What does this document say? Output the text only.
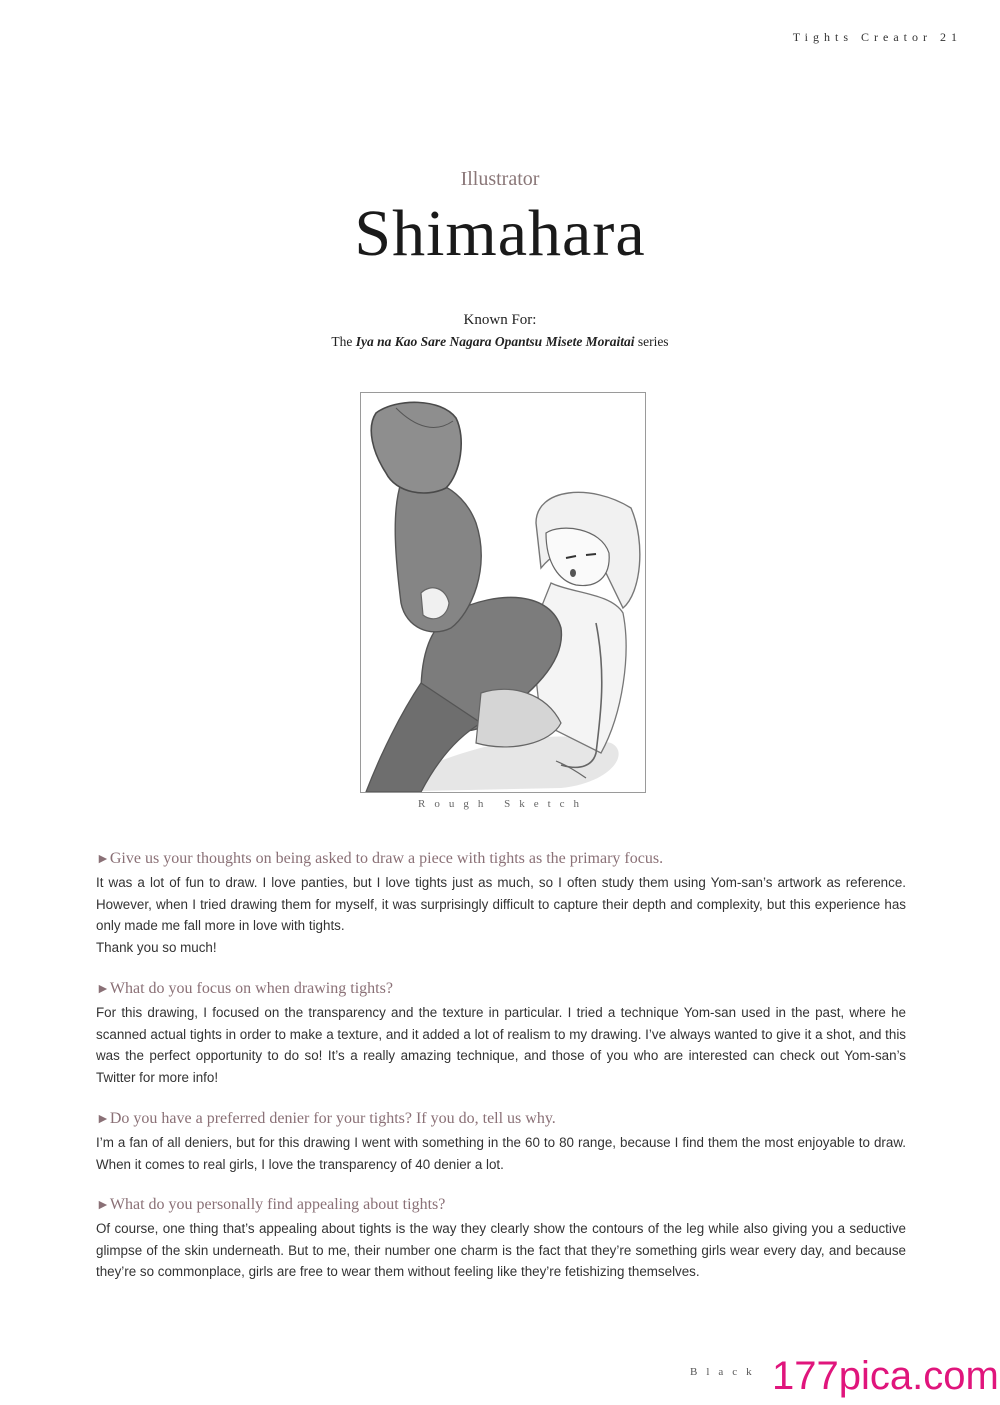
Tights Creator 21
Illustrator
Shimahara
Known For:
The Iya na Kao Sare Nagara Opantsu Misete Moraitai series
Rough Sketch

►Give us your thoughts on being asked to draw a piece with tights as the primary focus.

It was a lot of fun to draw. I love panties, but I love tights just as much, so I often study them using Yom-san’s artwork as reference. However, when I tried drawing them for myself, it was surprisingly difficult to capture their depth and complexity, but this experience has only made me fall more in love with tights.
Thank you so much!

►What do you focus on when drawing tights?

For this drawing, I focused on the transparency and the texture in particular. I tried a technique Yom-san used in the past, where he scanned actual tights in order to make a texture, and it added a lot of realism to my drawing. I’ve always wanted to give it a shot, and this was the perfect opportunity to do so! It’s a really amazing technique, and those of you who are interested can check out Yom-san’s Twitter for more info!

►Do you have a preferred denier for your tights? If you do, tell us why.

I’m a fan of all deniers, but for this drawing I went with something in the 60 to 80 range, because I find them the most enjoyable to draw. When it comes to real girls, I love the transparency of 40 denier a lot.

►What do you personally find appealing about tights?

Of course, one thing that’s appealing about tights is the way they clearly show the contours of the leg while also giving you a seductive glimpse of the skin underneath. But to me, their number one charm is the fact that they’re something girls wear every day, and because they’re so commonplace, girls are free to wear them without feeling like they’re fetishizing themselves.

Black 177pica.com
